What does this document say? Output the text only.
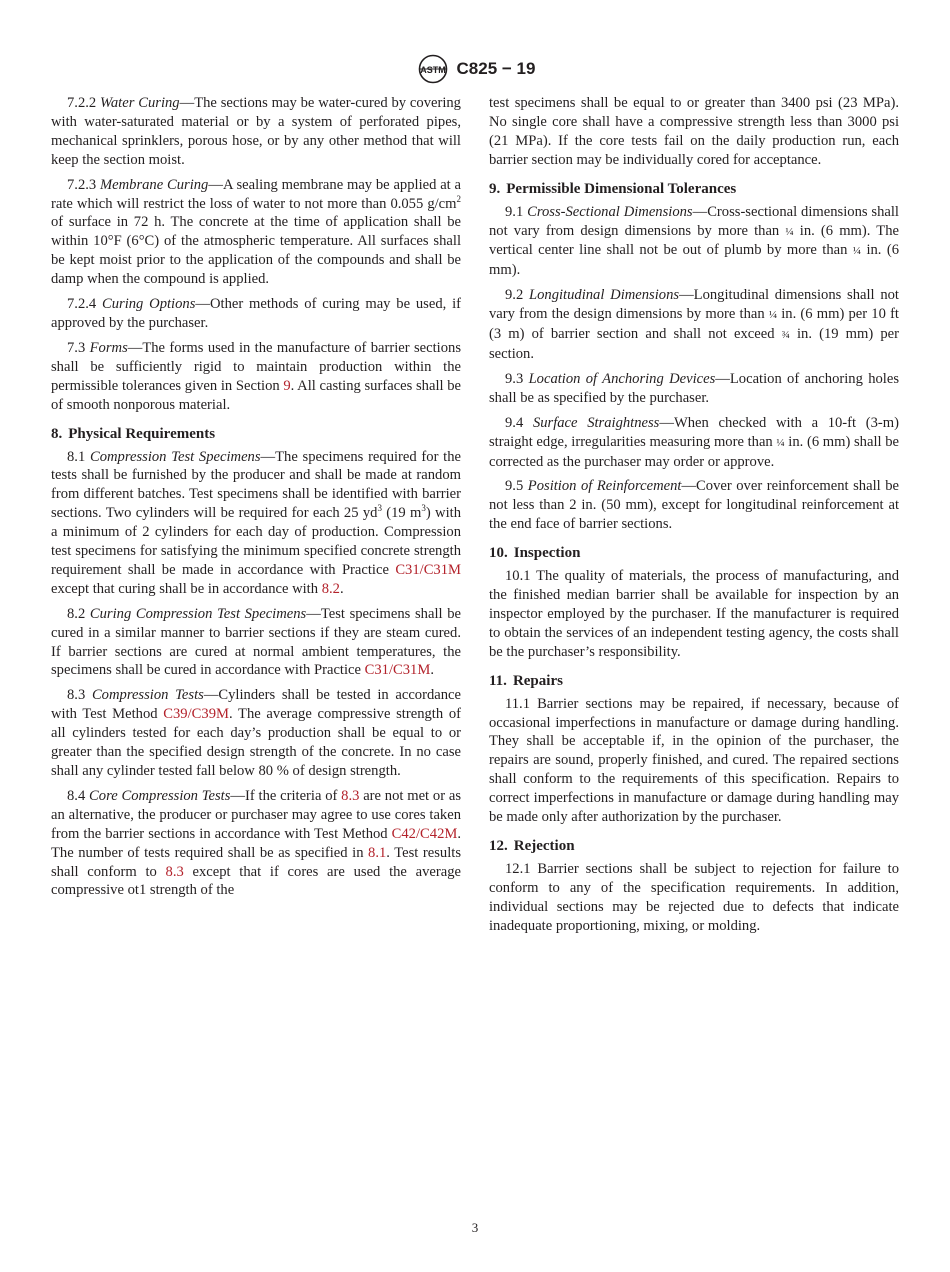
ASTM C825 − 19

7.2.2 Water Curing—The sections may be water-cured by covering with water-saturated material or by a system of perforated pipes, mechanical sprinklers, porous hose, or by any other method that will keep the section moist.

7.2.3 Membrane Curing—A sealing membrane may be applied at a rate which will restrict the loss of water to not more than 0.055 $g/cm^2$ of surface in 72 h. The concrete at the time of application shall be within 10°F (6°C) of the atmospheric temperature. All surfaces shall be kept moist prior to the application of the compounds and shall be damp when the compound is applied.

7.2.4 Curing Options—Other methods of curing may be used, if approved by the purchaser.

7.3 Forms—The forms used in the manufacture of barrier sections shall be sufficiently rigid to maintain production within the permissible tolerances given in Section 9. All casting surfaces shall be of smooth nonporous material.

8. Physical Requirements

8.1 Compression Test Specimens—The specimens required for the tests shall be furnished by the producer and shall be made at random from different batches. Test specimens shall be identified with barrier sections. Two cylinders will be required for each 25 $yd^3$ (19 $m^3$) with a minimum of 2 cylinders for each day of production. Compression test specimens for satisfying the minimum specified concrete strength requirement shall be made in accordance with Practice C31/C31M except that curing shall be in accordance with 8.2.

8.2 Curing Compression Test Specimens—Test specimens shall be cured in a similar manner to barrier sections if they are steam cured. If barrier sections are cured at normal ambient temperatures, the specimens shall be cured in accordance with Practice C31/C31M.

8.3 Compression Tests—Cylinders shall be tested in accordance with Test Method C39/C39M. The average compressive strength of all cylinders tested for each day’s production shall be equal to or greater than the specified design strength of the concrete. In no case shall any cylinder tested fall below 80 % of design strength.

8.4 Core Compression Tests—If the criteria of 8.3 are not met or as an alternative, the producer or purchaser may agree to use cores taken from the barrier sections in accordance with Test Method C42/C42M. The number of tests required shall be as specified in 8.1. Test results shall conform to 8.3 except that if cores are used the average compressive ot1 strength of the

test specimens shall be equal to or greater than 3400 psi (23 MPa). No single core shall have a compressive strength less than 3000 psi (21 MPa). If the core tests fail on the daily production run, each barrier section may be individually cored for acceptance.

9. Permissible Dimensional Tolerances

9.1 Cross-Sectional Dimensions—Cross-sectional dimensions shall not vary from design dimensions by more than ¼ in. (6 mm). The vertical center line shall not be out of plumb by more than ¼ in. (6 mm).

9.2 Longitudinal Dimensions—Longitudinal dimensions shall not vary from the design dimensions by more than ¼ in. (6 mm) per 10 ft (3 m) of barrier section and shall not exceed ¾ in. (19 mm) per section.

9.3 Location of Anchoring Devices—Location of anchoring holes shall be as specified by the purchaser.

9.4 Surface Straightness—When checked with a 10-ft (3-m) straight edge, irregularities measuring more than ¼ in. (6 mm) shall be corrected as the purchaser may order or approve.

9.5 Position of Reinforcement—Cover over reinforcement shall be not less than 2 in. (50 mm), except for longitudinal reinforcement at the end face of barrier sections.

10. Inspection

10.1 The quality of materials, the process of manufacturing, and the finished median barrier shall be available for inspection by an inspector employed by the purchaser. If the manufacturer is required to obtain the services of an independent testing agency, the costs shall be the purchaser’s responsibility.

11. Repairs

11.1 Barrier sections may be repaired, if necessary, because of occasional imperfections in manufacture or damage during handling. They shall be acceptable if, in the opinion of the purchaser, the repairs are sound, properly finished, and cured. The repaired sections shall conform to the requirements of this specification. Repairs to correct imperfections in manufacture or damage during handling may be made only after authorization by the purchaser.

12. Rejection

12.1 Barrier sections shall be subject to rejection for failure to conform to any of the specification requirements. In addition, individual sections may be rejected due to defects that indicate inadequate proportioning, mixing, or molding.

3
